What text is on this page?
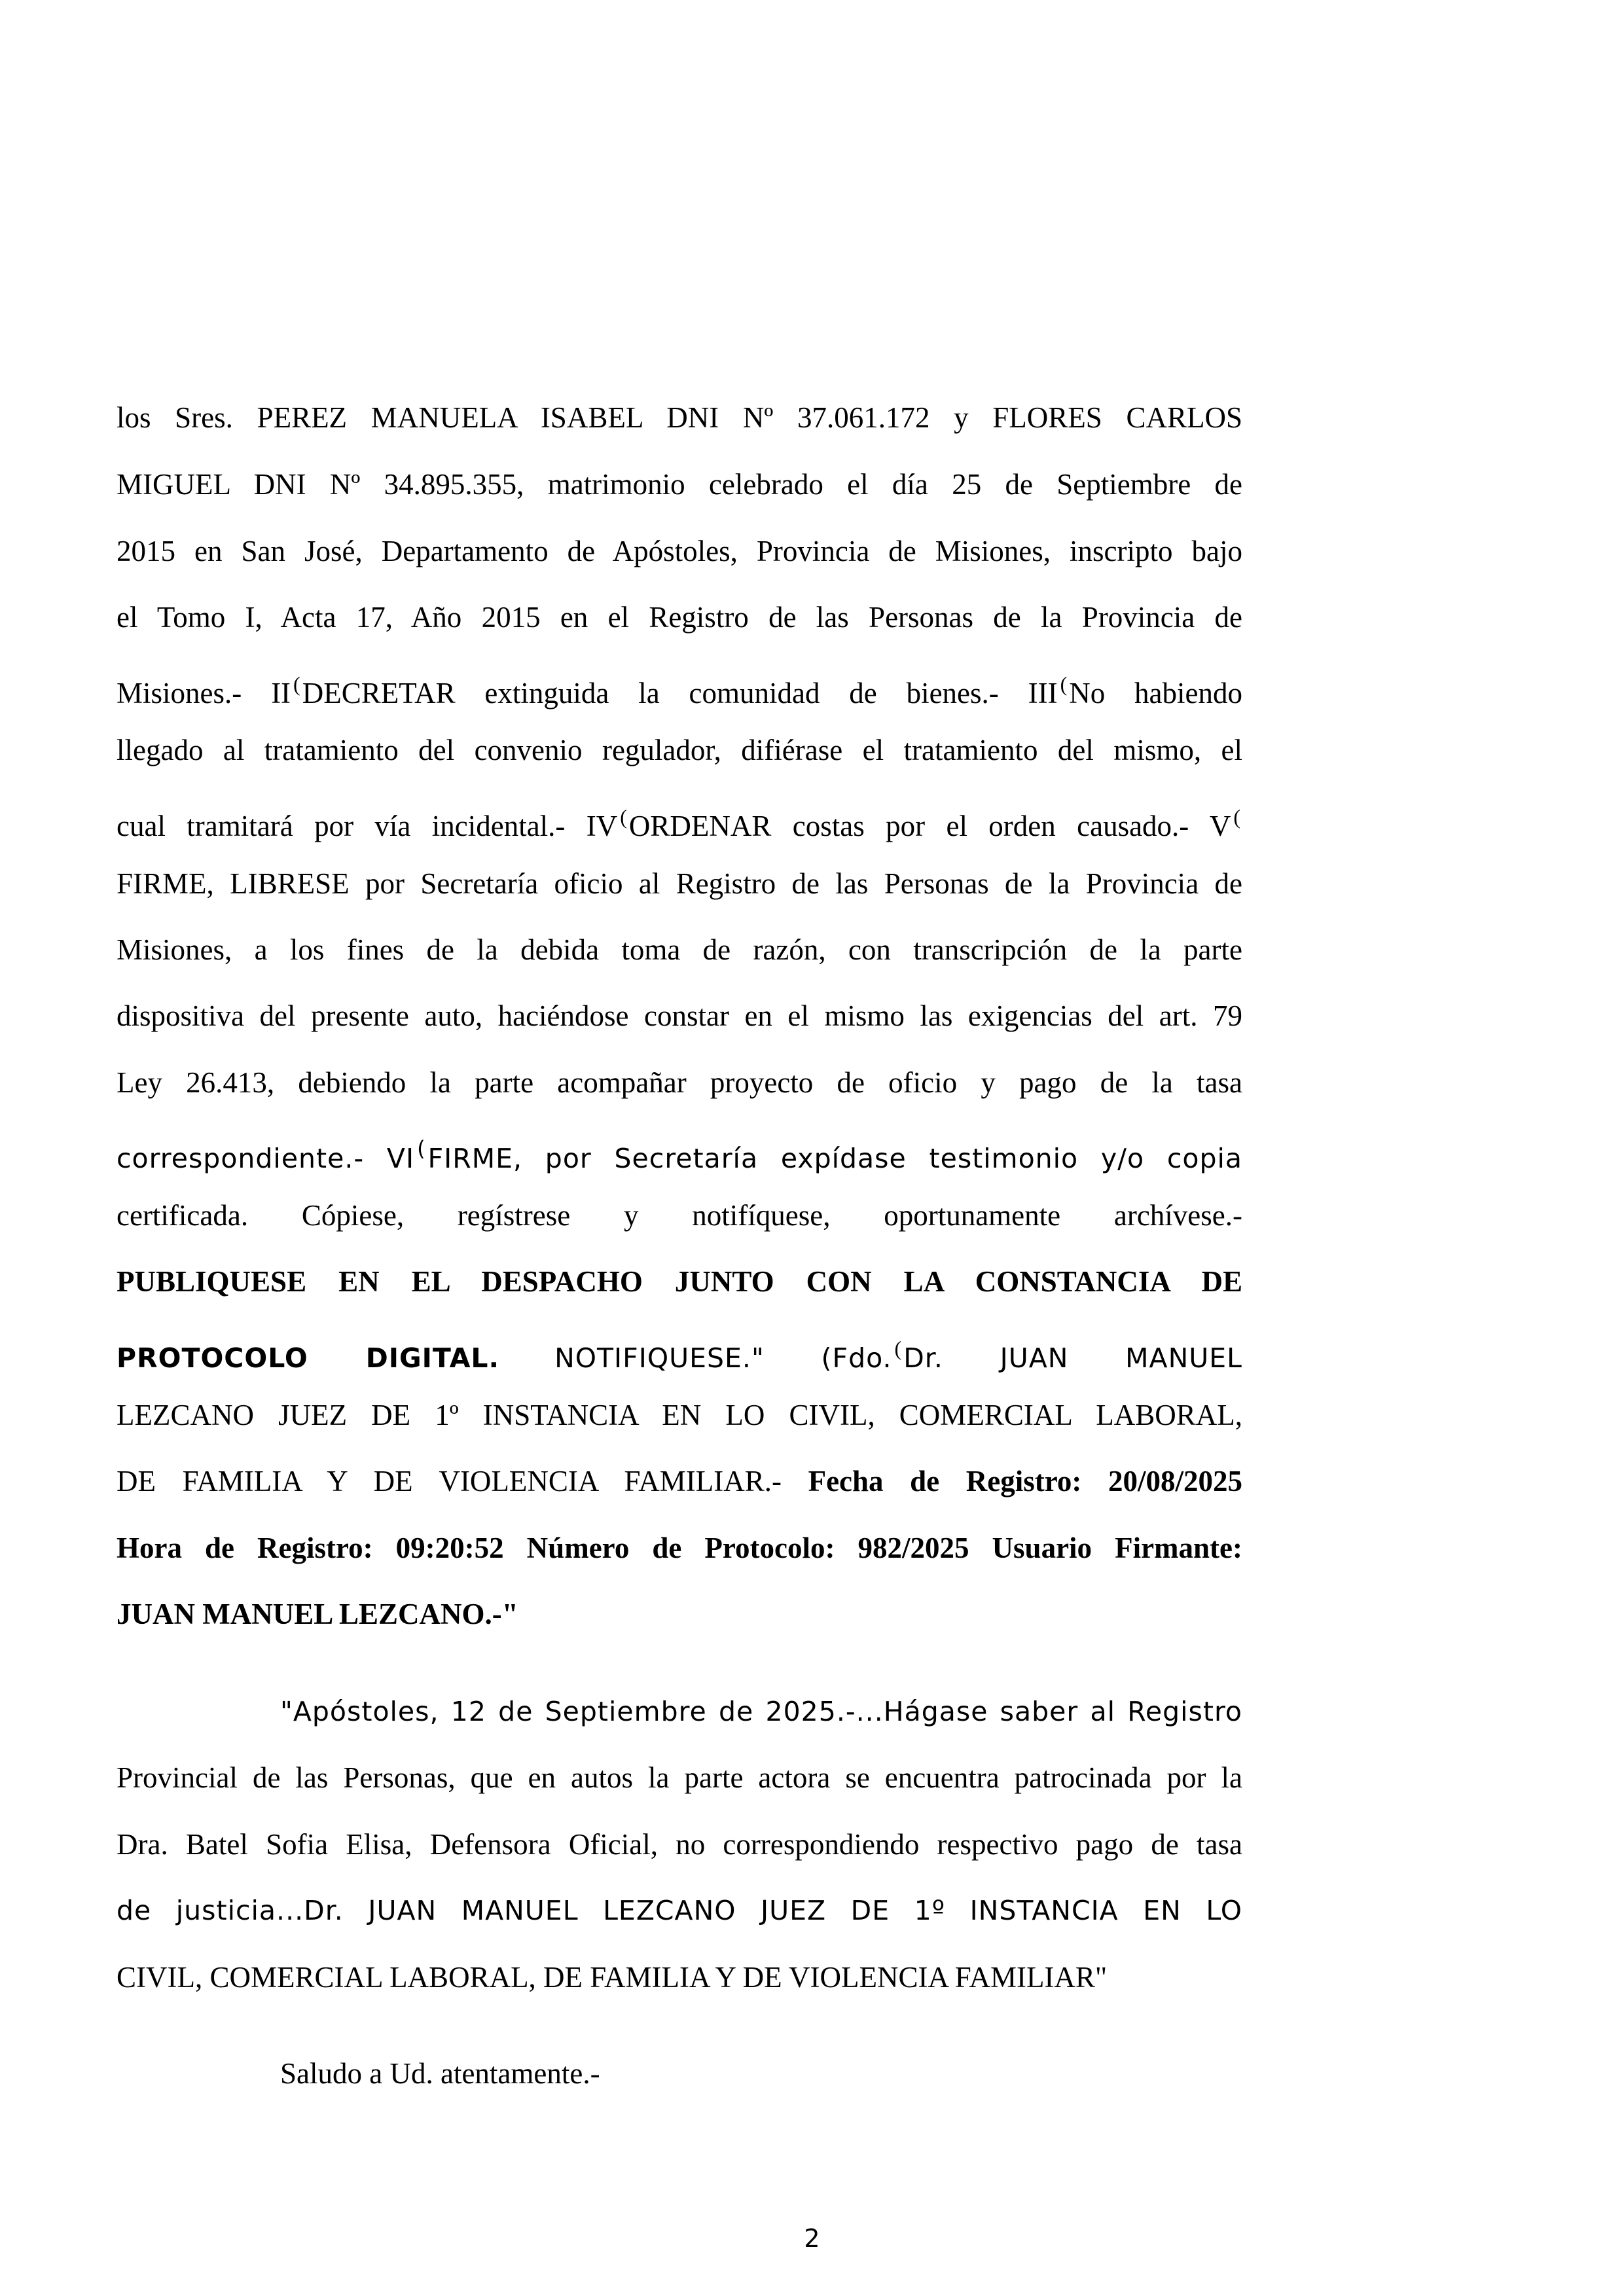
los Sres. PEREZ MANUELA ISABEL DNI Nº 37.061.172 y FLORES CARLOS
MIGUEL DNI Nº 34.895.355, matrimonio celebrado el día 25 de Septiembre de
2015 en San José, Departamento de Apóstoles, Provincia de Misiones, inscripto bajo
el Tomo I, Acta 17, Año 2015 en el Registro de las Personas de la Provincia de
Misiones.- II (DECRETAR extinguida la comunidad de bienes.- III (No habiendo
llegado al tratamiento del convenio regulador, difiérase el tratamiento del mismo, el
cual tramitará por vía incidental.- IV (ORDENAR costas por el orden causado.- V (
FIRME, LIBRESE por Secretaría oficio al Registro de las Personas de la Provincia de
Misiones, a los fines de la debida toma de razón, con transcripción de la parte
dispositiva del presente auto, haciéndose constar en el mismo las exigencias del art. 79
Ley 26.413, debiendo la parte acompañar proyecto de oficio y pago de la tasa
correspondiente.- VI (FIRME, por Secretaría expídase testimonio y/o copia
certificada. Cópiese, regístrese y notifíquese, oportunamente archívese.-
PUBLIQUESE EN EL DESPACHO JUNTO CON LA CONSTANCIA DE
PROTOCOLO DIGITAL. NOTIFIQUESE." (Fdo. (Dr. JUAN MANUEL
LEZCANO JUEZ DE 1º INSTANCIA EN LO CIVIL, COMERCIAL LABORAL,
DE FAMILIA Y DE VIOLENCIA FAMILIAR.- Fecha de Registro: 20/08/2025
Hora de Registro: 09:20:52 Número de Protocolo: 982/2025 Usuario Firmante:
JUAN MANUEL LEZCANO.-"
"Apóstoles, 12 de Septiembre de 2025.-...Hágase saber al Registro
Provincial de las Personas, que en autos la parte actora se encuentra patrocinada por la
Dra. Batel Sofia Elisa, Defensora Oficial, no correspondiendo respectivo pago de tasa
de justicia...Dr. JUAN MANUEL LEZCANO JUEZ DE 1º INSTANCIA EN LO
CIVIL, COMERCIAL LABORAL, DE FAMILIA Y DE VIOLENCIA FAMILIAR"
Saludo a Ud. atentamente.-
2
